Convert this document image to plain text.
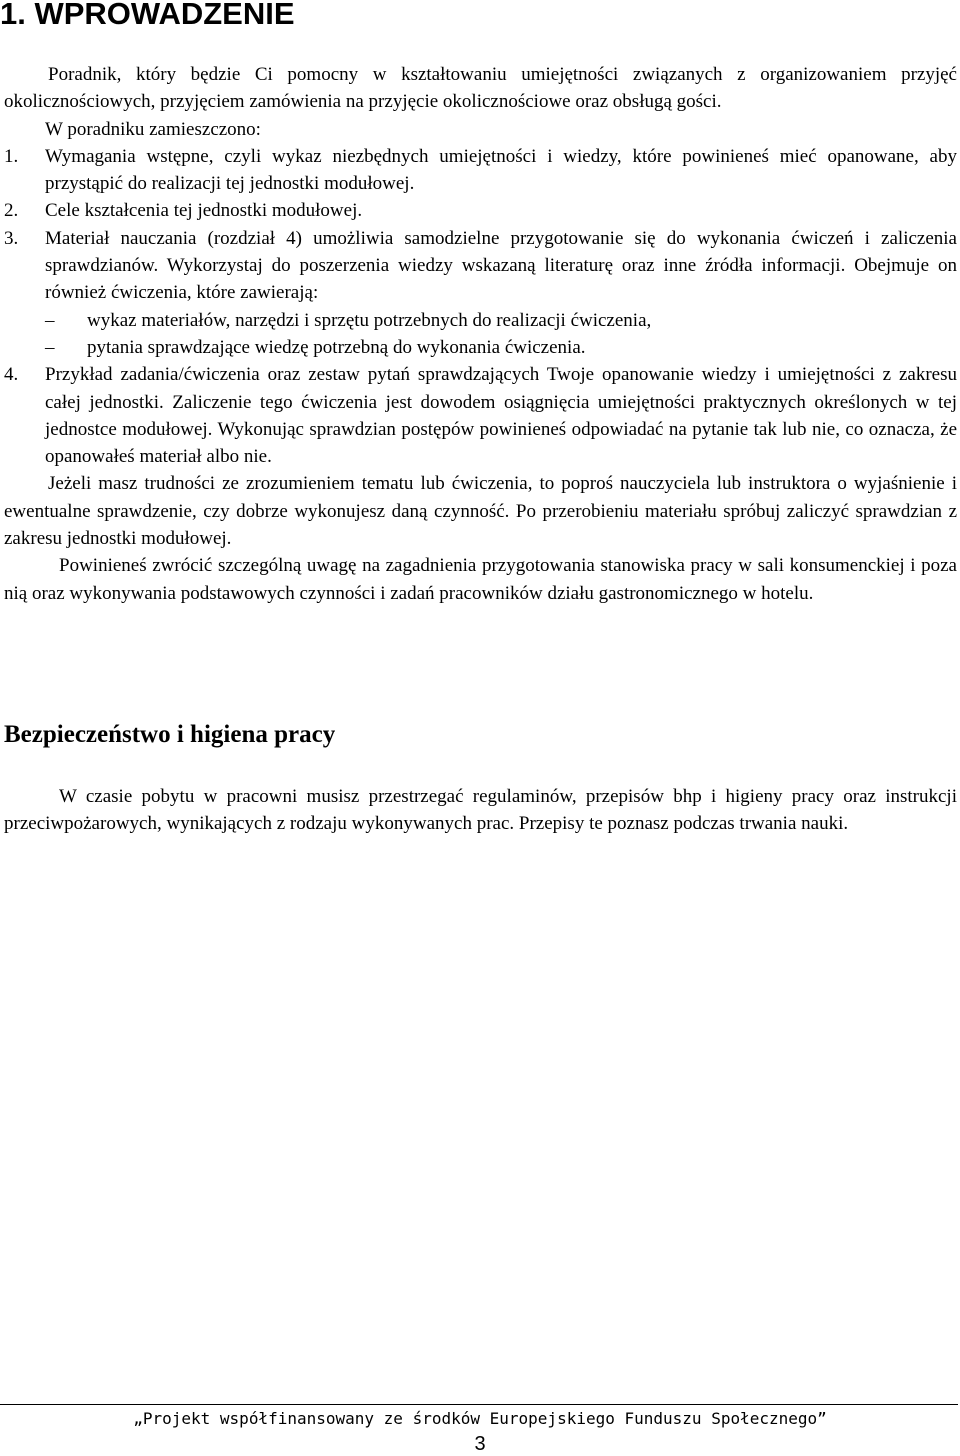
1. WPROWADZENIE

Poradnik, który będzie Ci pomocny w kształtowaniu umiejętności związanych z organizowaniem przyjęć okolicznościowych, przyjęciem zamówienia na przyjęcie okolicznościowe oraz obsługą gości.

W poradniku zamieszczono:

1. Wymagania wstępne, czyli wykaz niezbędnych umiejętności i wiedzy, które powinieneś mieć opanowane, aby przystąpić do realizacji tej jednostki modułowej.
2. Cele kształcenia tej jednostki modułowej.
3. Materiał nauczania (rozdział 4) umożliwia samodzielne przygotowanie się do wykonania ćwiczeń i zaliczenia sprawdzianów. Wykorzystaj do poszerzenia wiedzy wskazaną literaturę oraz inne źródła informacji. Obejmuje on również ćwiczenia, które zawierają:
– wykaz materiałów, narzędzi i sprzętu potrzebnych do realizacji ćwiczenia,
– pytania sprawdzające wiedzę potrzebną do wykonania ćwiczenia.
4. Przykład zadania/ćwiczenia oraz zestaw pytań sprawdzających Twoje opanowanie wiedzy i umiejętności z zakresu całej jednostki. Zaliczenie tego ćwiczenia jest dowodem osiągnięcia umiejętności praktycznych określonych w tej jednostce modułowej. Wykonując sprawdzian postępów powinieneś odpowiadać na pytanie tak lub nie, co oznacza, że opanowałeś materiał albo nie.

Jeżeli masz trudności ze zrozumieniem tematu lub ćwiczenia, to poproś nauczyciela lub instruktora o wyjaśnienie i ewentualne sprawdzenie, czy dobrze wykonujesz daną czynność. Po przerobieniu materiału spróbuj zaliczyć sprawdzian z zakresu jednostki modułowej.

Powinieneś zwrócić szczególną uwagę na zagadnienia przygotowania stanowiska pracy w sali konsumenckiej i poza nią oraz wykonywania podstawowych czynności i zadań pracowników działu gastronomicznego w hotelu.

Bezpieczeństwo i higiena pracy

W czasie pobytu w pracowni musisz przestrzegać regulaminów, przepisów bhp i higieny pracy oraz instrukcji przeciwpożarowych, wynikających z rodzaju wykonywanych prac. Przepisy te poznasz podczas trwania nauki.

„Projekt współfinansowany ze środków Europejskiego Funduszu Społecznego”

3
